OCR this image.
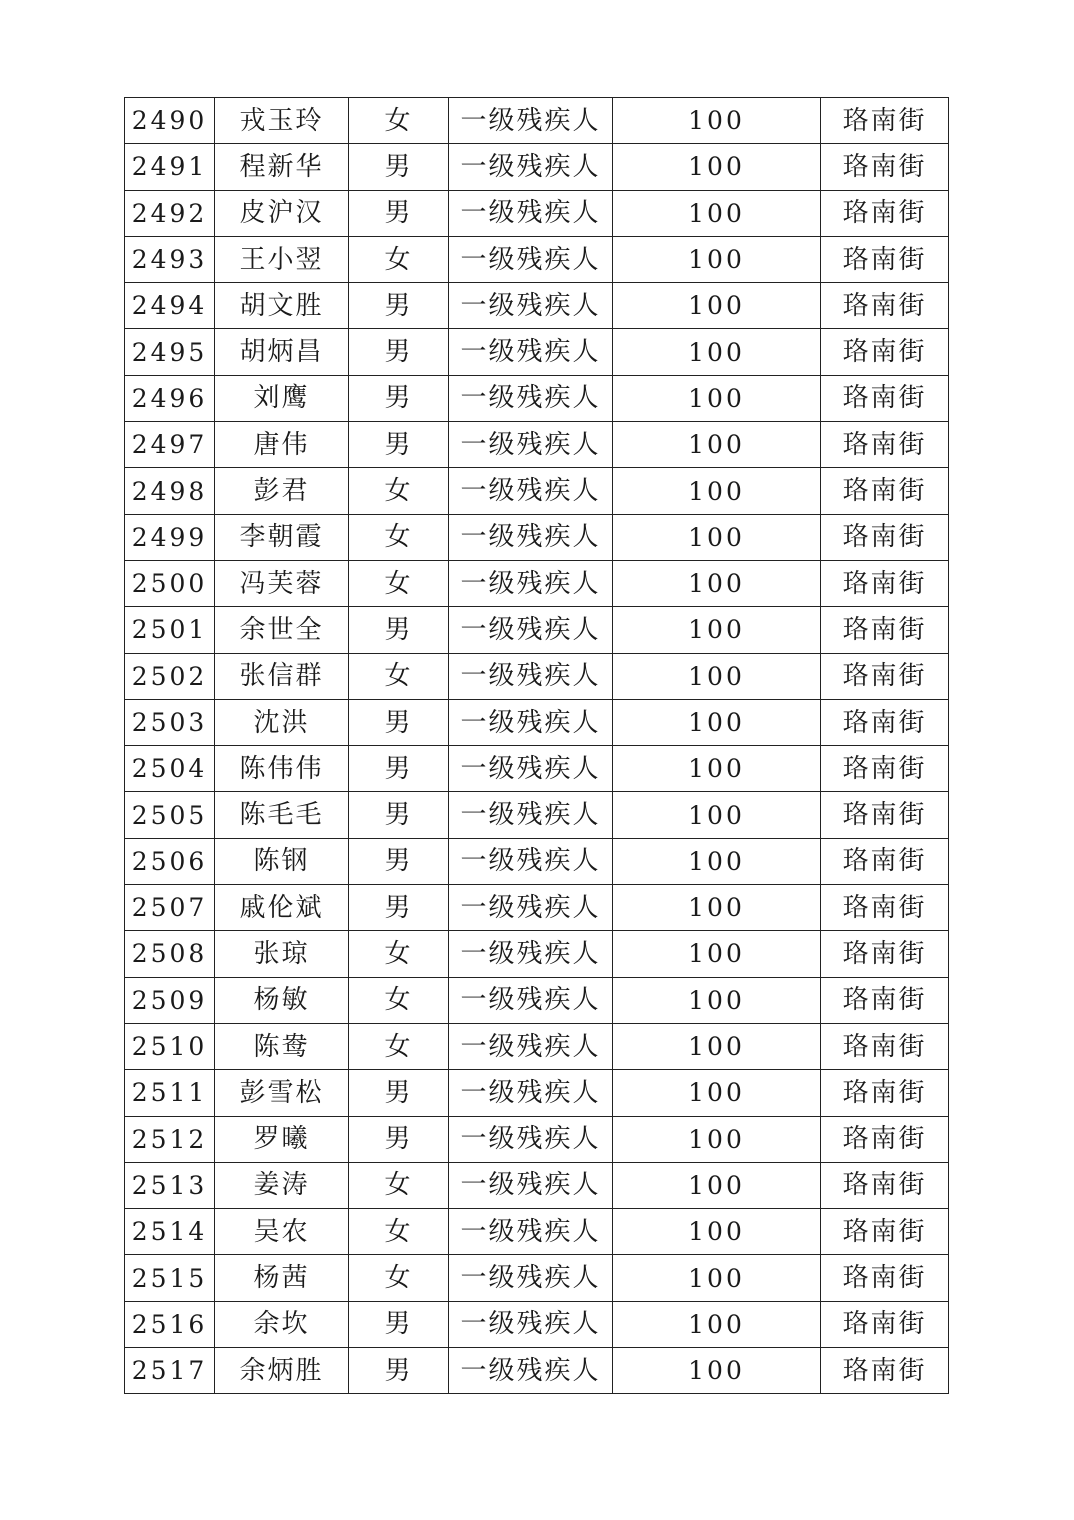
2490	戎玉玲	女	一级残疾人	100	珞南街
2491	程新华	男	一级残疾人	100	珞南街
2492	皮沪汉	男	一级残疾人	100	珞南街
2493	王小翌	女	一级残疾人	100	珞南街
2494	胡文胜	男	一级残疾人	100	珞南街
2495	胡炳昌	男	一级残疾人	100	珞南街
2496	刘鹰	男	一级残疾人	100	珞南街
2497	唐伟	男	一级残疾人	100	珞南街
2498	彭君	女	一级残疾人	100	珞南街
2499	李朝霞	女	一级残疾人	100	珞南街
2500	冯芙蓉	女	一级残疾人	100	珞南街
2501	余世全	男	一级残疾人	100	珞南街
2502	张信群	女	一级残疾人	100	珞南街
2503	沈洪	男	一级残疾人	100	珞南街
2504	陈伟伟	男	一级残疾人	100	珞南街
2505	陈毛毛	男	一级残疾人	100	珞南街
2506	陈钢	男	一级残疾人	100	珞南街
2507	戚伦斌	男	一级残疾人	100	珞南街
2508	张琼	女	一级残疾人	100	珞南街
2509	杨敏	女	一级残疾人	100	珞南街
2510	陈鸯	女	一级残疾人	100	珞南街
2511	彭雪松	男	一级残疾人	100	珞南街
2512	罗曦	男	一级残疾人	100	珞南街
2513	姜涛	女	一级残疾人	100	珞南街
2514	吴农	女	一级残疾人	100	珞南街
2515	杨茜	女	一级残疾人	100	珞南街
2516	余坎	男	一级残疾人	100	珞南街
2517	余炳胜	男	一级残疾人	100	珞南街
